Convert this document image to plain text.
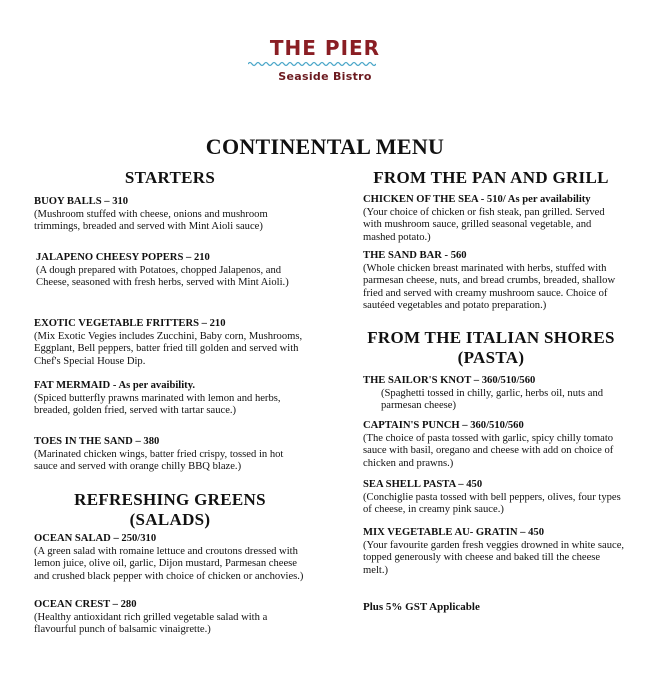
THE PIER
Seaside Bistro
CONTINENTAL MENU
STARTERS
BUOY BALLS – 310
(Mushroom stuffed with cheese, onions and mushroom trimmings, breaded and served with Mint Aioli sauce)
JALAPENO CHEESY POPERS – 210
(A dough prepared with Potatoes, chopped Jalapenos, and Cheese, seasoned with fresh herbs, served with Mint Aioli.)
EXOTIC VEGETABLE FRITTERS – 210
(Mix Exotic Vegies includes Zucchini, Baby corn, Mushrooms, Eggplant, Bell peppers, batter fried till golden and served with Chef's Special House Dip.
FAT MERMAID - As per avaibility.
(Spiced butterfly prawns marinated with lemon and herbs, breaded, golden fried, served with tartar sauce.)
TOES IN THE SAND – 380
(Marinated chicken wings, batter fried crispy, tossed in hot sauce and served with orange chilly BBQ blaze.)
REFRESHING GREENS
(SALADS)
OCEAN SALAD – 250/310
(A green salad with romaine lettuce and croutons dressed with lemon juice, olive oil, garlic, Dijon mustard, Parmesan cheese and crushed black pepper with choice of chicken or anchovies.)
OCEAN CREST – 280
(Healthy antioxidant rich grilled vegetable salad with a flavourful punch of balsamic vinaigrette.)
FROM THE PAN AND GRILL
CHICKEN OF THE SEA - 510/ As per availability
(Your choice of chicken or fish steak, pan grilled. Served with mushroom sauce, grilled seasonal vegetable, and mashed potato.)
THE SAND BAR - 560
(Whole chicken breast marinated with herbs, stuffed with parmesan cheese, nuts, and bread crumbs, breaded, shallow fried and served with creamy mushroom sauce. Choice of sautéed vegetables and potato preparation.)
FROM THE ITALIAN SHORES
(PASTA)
THE SAILOR'S KNOT – 360/510/560
(Spaghetti tossed in chilly, garlic, herbs oil, nuts and parmesan cheese)
CAPTAIN'S PUNCH – 360/510/560
(The choice of pasta tossed with garlic, spicy chilly tomato sauce with basil, oregano and cheese with add on choice of chicken and prawns.)
SEA SHELL PASTA – 450
(Conchiglie pasta tossed with bell peppers, olives, four types of cheese, in creamy pink sauce.)
MIX VEGETABLE AU- GRATIN – 450
(Your favourite garden fresh veggies drowned in white sauce, topped generously with cheese and baked till the cheese melt.)
Plus 5% GST Applicable
